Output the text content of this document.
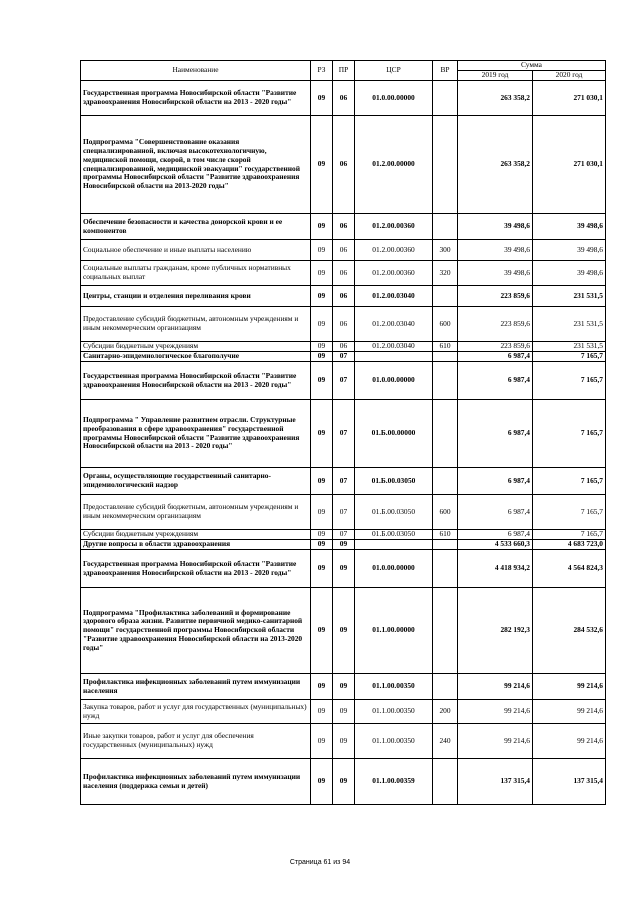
Наименование	РЗ	ПР	ЦСР	ВР	Сумма	
					2019 год	2020 год
Государственная программа Новосибирской области "Развитие здравоохранения Новосибирской области на 2013 - 2020 годы"	09	06	01.0.00.00000		263 358,2	271 030,1
Подпрограмма "Совершенствование оказания специализированной, включая высокотехнологичную, медицинской помощи, скорой, в том числе скорой специализированной, медицинской эвакуации" государственной программы Новосибирской области "Развитие здравоохранения Новосибирской области на 2013-2020 годы"	09	06	01.2.00.00000		263 358,2	271 030,1
Обеспечение безопасности и качества донорской крови и ее компонентов	09	06	01.2.00.00360		39 498,6	39 498,6
Социальное обеспечение и иные выплаты населению	09	06	01.2.00.00360	300	39 498,6	39 498,6
Социальные выплаты гражданам, кроме публичных нормативных социальных выплат	09	06	01.2.00.00360	320	39 498,6	39 498,6
Центры, станции и отделения переливания крови	09	06	01.2.00.03040		223 859,6	231 531,5
Предоставление субсидий бюджетным, автономным учреждениям и иным некоммерческим организациям	09	06	01.2.00.03040	600	223 859,6	231 531,5
Субсидии бюджетным учреждениям	09	06	01.2.00.03040	610	223 859,6	231 531,5
Санитарно-эпидемиологическое благополучие	09	07			6 987,4	7 165,7
Государственная программа Новосибирской области "Развитие здравоохранения Новосибирской области на 2013 - 2020 годы"	09	07	01.0.00.00000		6 987,4	7 165,7
Подпрограмма " Управление развитием отрасли. Структурные преобразования в сфере здравоохранения" государственной программы Новосибирской области "Развитие здравоохранения Новосибирской области на 2013 - 2020 годы"	09	07	01.Б.00.00000		6 987,4	7 165,7
Органы, осуществляющие государственный санитарно-эпидемиологический надзор	09	07	01.Б.00.03050		6 987,4	7 165,7
Предоставление субсидий бюджетным, автономным учреждениям и иным некоммерческим организациям	09	07	01.Б.00.03050	600	6 987,4	7 165,7
Субсидии бюджетным учреждениям	09	07	01.Б.00.03050	610	6 987,4	7 165,7
Другие вопросы в области здравоохранения	09	09			4 533 660,3	4 683 723,0
Государственная программа Новосибирской области "Развитие здравоохранения Новосибирской области на 2013 - 2020 годы"	09	09	01.0.00.00000		4 418 934,2	4 564 824,3
Подпрограмма "Профилактика заболеваний и формирование здорового образа жизни. Развитие первичной медико-санитарной помощи" государственной программы Новосибирской области "Развитие здравоохранения Новосибирской области на 2013-2020 годы"	09	09	01.1.00.00000		282 192,3	284 532,6
Профилактика инфекционных заболеваний путем иммунизации населения	09	09	01.1.00.00350		99 214,6	99 214,6
Закупка товаров, работ и услуг для государственных (муниципальных) нужд	09	09	01.1.00.00350	200	99 214,6	99 214,6
Иные закупки товаров, работ и услуг для обеспечения государственных (муниципальных) нужд	09	09	01.1.00.00350	240	99 214,6	99 214,6
Профилактика инфекционных заболеваний путем иммунизации населения (поддержка семьи и детей)	09	09	01.1.00.00359		137 315,4	137 315,4
Страница 61 из 94
